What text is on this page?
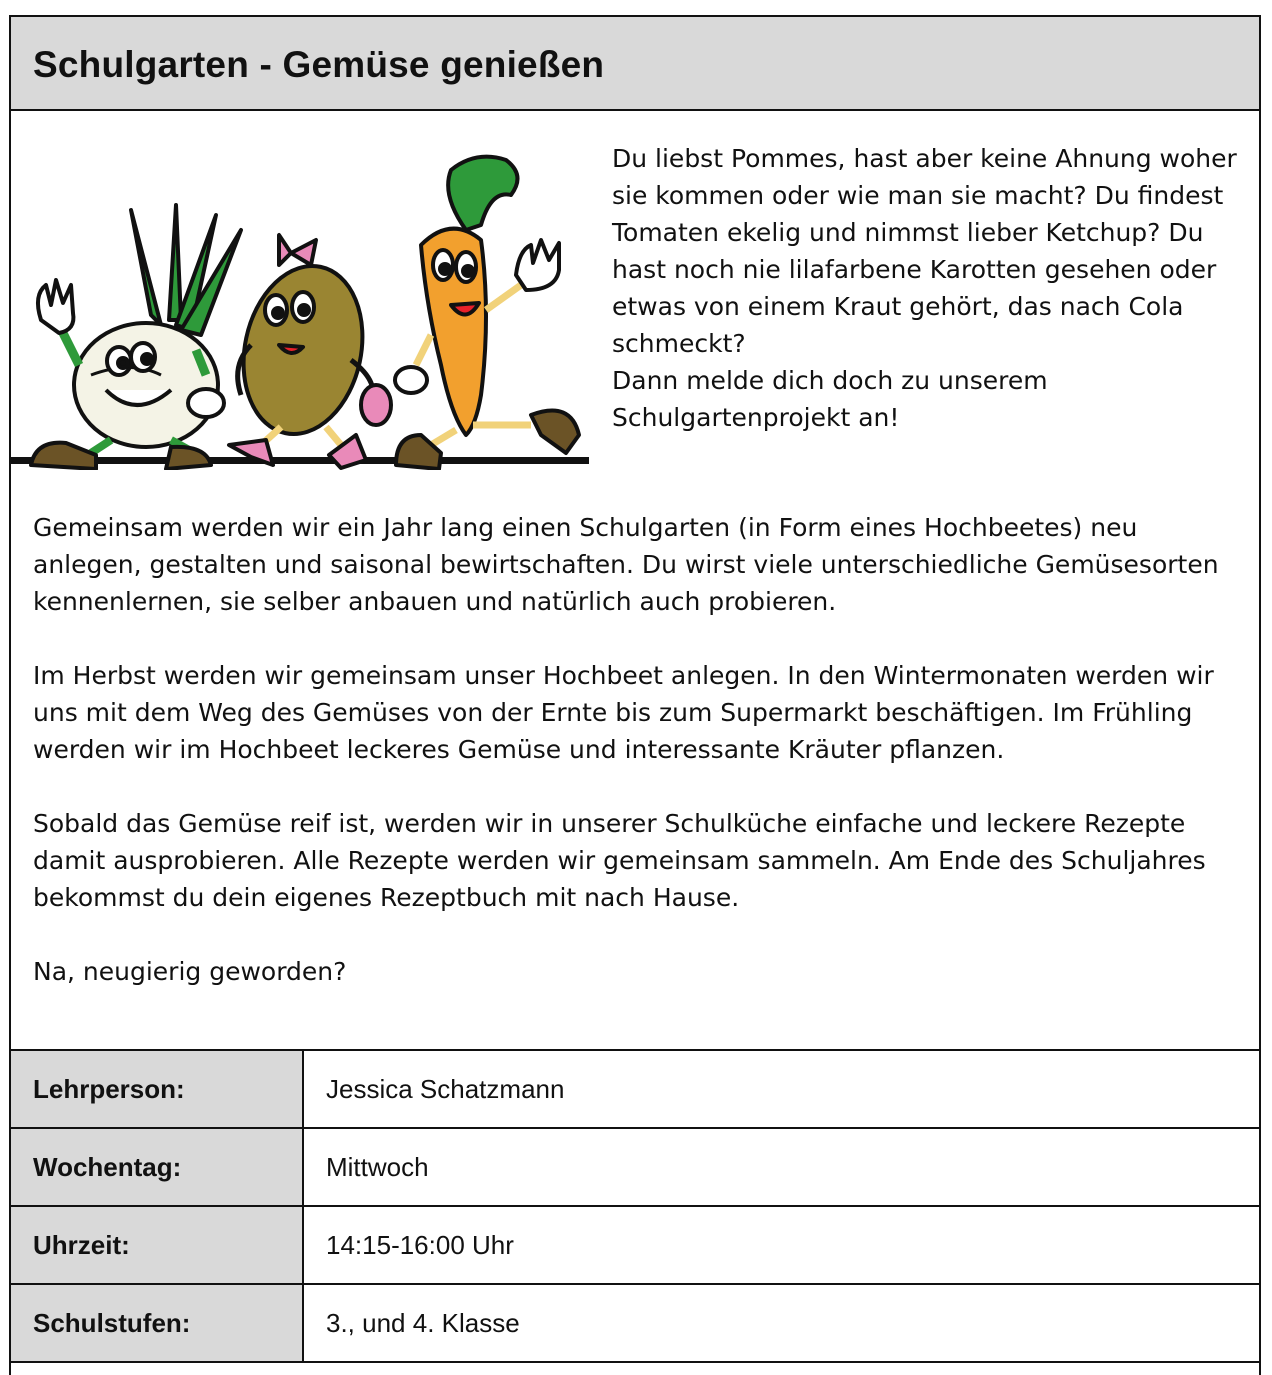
Schulgarten - Gemüse genießen

Du liebst Pommes, hast aber keine Ahnung woher sie kommen oder wie man sie macht? Du findest Tomaten ekelig und nimmst lieber Ketchup? Du hast noch nie lilafarbene Karotten gesehen oder etwas von einem Kraut gehört, das nach Cola schmeckt?

Dann melde dich doch zu unserem Schulgartenprojekt an!

Gemeinsam werden wir ein Jahr lang einen Schulgarten (in Form eines Hochbeetes) neu anlegen, gestalten und saisonal bewirtschaften. Du wirst viele unterschiedliche Gemüsesorten kennenlernen, sie selber anbauen und natürlich auch probieren.

Im Herbst werden wir gemeinsam unser Hochbeet anlegen. In den Wintermonaten werden wir uns mit dem Weg des Gemüses von der Ernte bis zum Supermarkt beschäftigen. Im Frühling werden wir im Hochbeet leckeres Gemüse und interessante Kräuter pflanzen.

Sobald das Gemüse reif ist, werden wir in unserer Schulküche einfache und leckere Rezepte damit ausprobieren. Alle Rezepte werden wir gemeinsam sammeln. Am Ende des Schuljahres bekommst du dein eigenes Rezeptbuch mit nach Hause.

Na, neugierig geworden?

Lehrperson:	Jessica Schatzmann
Wochentag:	Mittwoch
Uhrzeit:	14:15-16:00 Uhr
Schulstufen:	3., und 4. Klasse
